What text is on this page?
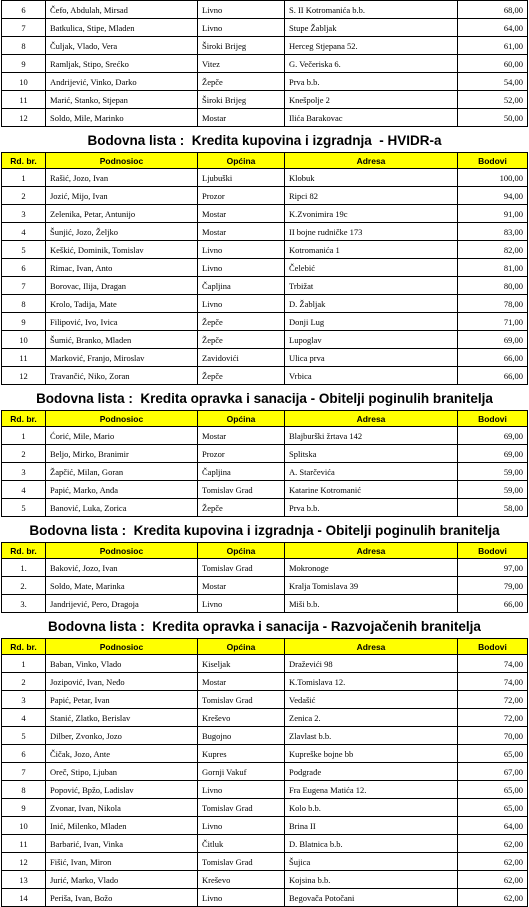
6	Čefo, Abdulah, Mirsad	Livno	S. II Kotromanića b.b.	68,00
7	Batkulica, Stipe, Mladen	Livno	Stupe Žabljak	64,00
8	Čuljak, Vlado, Vera	Široki Brijeg	Herceg Stjepana 52.	61,00
9	Ramljak, Stipo, Srećko	Vitez	G. Večeriska 6.	60,00
10	Andrijević, Vinko, Darko	Žepče	Prva b.b.	54,00
11	Marić, Stanko, Stjepan	Široki Brijeg	Knešpolje 2	52,00
12	Soldo, Mile, Marinko	Mostar	Ilića Barakovac	50,00
Bodovna lista :  Kredita kupovina i izgradnja  - HVIDR-a
Rd. br.	Podnosioc	Općina	Adresa	Bodovi
1	Rašić, Jozo, Ivan	Ljubuški	Klobuk	100,00
2	Jozić, Mijo, Ivan	Prozor	Ripci 82	94,00
3	Zelenika, Petar, Antunijo	Mostar	K.Zvonimira 19c	91,00
4	Šunjić, Jozo, Željko	Mostar	II bojne rudničke 173	83,00
5	Keškić, Dominik, Tomislav	Livno	Kotromanića 1	82,00
6	Rimac, Ivan, Anto	Livno	Čelebić	81,00
7	Borovac, Ilija, Dragan	Čapljina	Trbižat	80,00
8	Krolo, Tadija, Mate	Livno	D. Žabljak	78,00
9	Filipović, Ivo, Ivica	Žepče	Donji Lug	71,00
10	Šumić, Branko, Mladen	Žepče	Lupoglav	69,00
11	Marković, Franjo, Miroslav	Zavidovići	Ulica prva	66,00
12	Travančić, Niko, Zoran	Žepče	Vrbica	66,00
Bodovna lista :  Kredita opravka i sanacija - Obitelji poginulih branitelja
Rd. br.	Podnosioc	Općina	Adresa	Bodovi
1	Ćorić, Mile, Mario	Mostar	Blajburški žrtava 142	69,00
2	Beljo, Mirko, Branimir	Prozor	Splitska	69,00
3	Žapčić, Milan, Goran	Čapljina	A. Starčevića	59,00
4	Papić, Marko, Anđa	Tomislav Grad	Katarine Kotromanić	59,00
5	Banović, Luka, Zorica	Žepče	Prva b.b.	58,00
Bodovna lista :  Kredita kupovina i izgradnja - Obitelji poginulih branitelja
Rd. br.	Podnosioc	Općina	Adresa	Bodovi
1.	Baković, Jozo, Ivan	Tomislav Grad	Mokronoge	97,00
2.	Soldo, Mate, Marinka	Mostar	Kralja Tomislava 39	79,00
3.	Jandrijević, Pero, Dragoja	Livno	Miši b.b.	66,00
Bodovna lista :  Kredita opravka i sanacija - Razvojačenih branitelja
Rd. br.	Podnosioc	Općina	Adresa	Bodovi
1	Baban, Vinko, Vlado	Kiseljak	Draževići 98	74,00
2	Jozipović, Ivan, Neđo	Mostar	K.Tomislava 12.	74,00
3	Papić, Petar, Ivan	Tomislav Grad	Vedašić	72,00
4	Stanić, Zlatko, Berislav	Kreševo	Zenica 2.	72,00
5	Dilber, Zvonko, Jozo	Bugojno	Zlavlast b.b.	70,00
6	Čičak, Jozo, Ante	Kupres	Kupreške bojne bb	65,00
7	Oreč, Stipo, Ljuban	Gornji Vakuf	Podgrađe	67,00
8	Popović, Bpžo, Ladislav	Livno	Fra Eugena Matića 12.	65,00
9	Zvonar, Ivan, Nikola	Tomislav Grad	Kolo b.b.	65,00
10	Inić, Milenko, Mladen	Livno	Brina II	64,00
11	Barbarić, Ivan, Vinka	Čitluk	D. Blatnica b.b.	62,00
12	Fišić, Ivan, Miron	Tomislav Grad	Šujica	62,00
13	Jurić, Marko, Vlado	Kreševo	Kojsina b.b.	62,00
14	Periša, Ivan, Božo	Livno	Begovača Potočani	62,00
